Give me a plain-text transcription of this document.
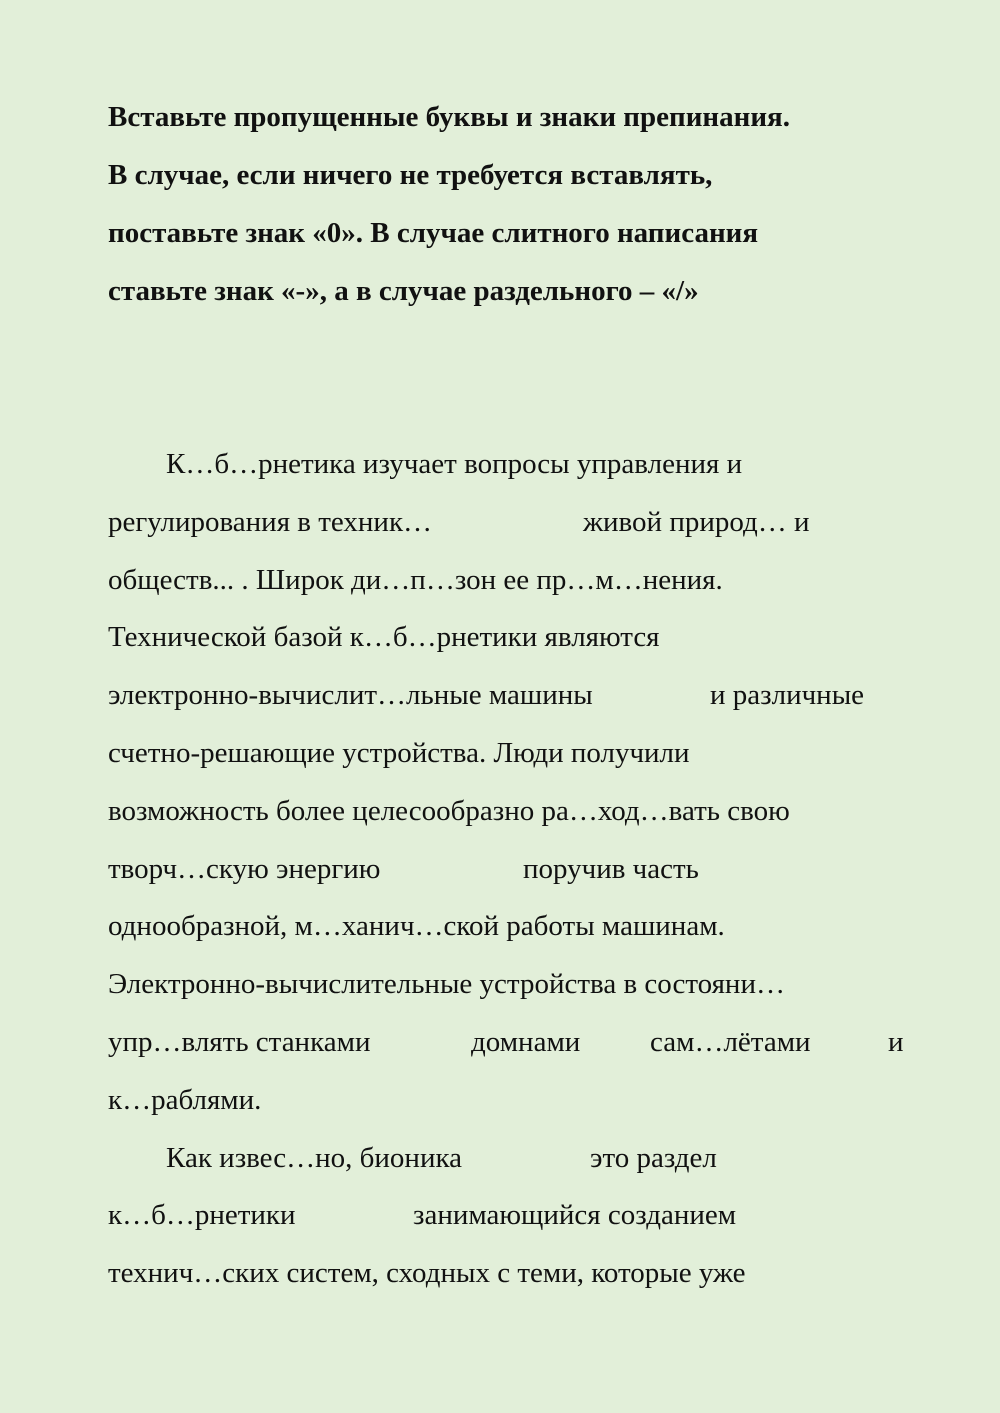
Вставьте пропущенные буквы и знаки препинания.
В случае, если ничего не требуется вставлять,
поставьте знак «0». В случае слитного написания
ставьте знак «-», а в случае раздельного – «/»
К…б…рнетика изучает вопросы управления и
регулирования в техник…	живой природ… и
обществ... . Широк ди…п…зон ее пр…м…нения.
Технической базой к…б…рнетики являются
электронно-вычислит…льные машины	и различные
счетно-решающие устройства. Люди получили
возможность более целесообразно ра…ход…вать свою
творч…скую энергию	поручив часть
однообразной, м…ханич…ской работы машинам.
Электронно-вычислительные устройства в состояни…
упр…влять станками	домнами сам…лётами	и
к…раблями.
Как извес…но, бионика	это раздел
к…б…рнетики	занимающийся созданием
технич…ских систем, сходных с теми, которые уже
